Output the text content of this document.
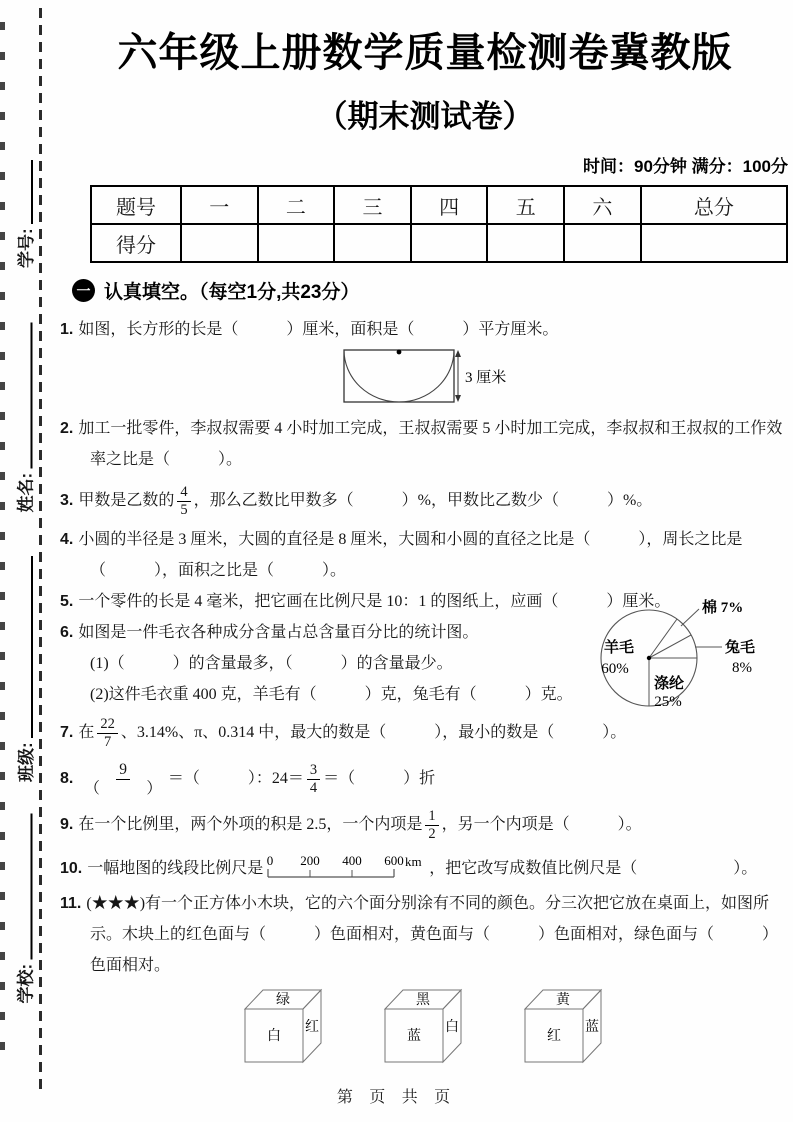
学号:
姓名:
班级:
学校:
六年级上册数学质量检测卷冀教版
（期末测试卷）
时间：90分钟 满分：100分
题号	一	二	三	四	五	六	总分
得分							
一 认真填空。（每空1分,共23分）
1. 如图，长方形的长是（　　　）厘米，面积是（　　　）平方厘米。
3 厘米
2. 加工一批零件，李叔叔需要 4 小时加工完成，王叔叔需要 5 小时加工完成，李叔叔和王叔叔的工作效率之比是（　　　）。
3. 甲数是乙数的 $\frac{4}{5}$ ，那么乙数比甲数多（　　　）%，甲数比乙数少（　　　）%。
4. 小圆的半径是 3 厘米，大圆的直径是 8 厘米，大圆和小圆的直径之比是（　　　），周长之比是（　　　），面积之比是（　　　）。
5. 一个零件的长是 4 毫米，把它画在比例尺是 10：1 的图纸上，应画（　　　）厘米。
6. 如图是一件毛衣各种成分含量占总含量百分比的统计图。
(1)（　　　）的含量最多，（　　　）的含量最少。
(2)这件毛衣重 400 克，羊毛有（　　　）克，兔毛有（　　　）克。
7. 在 $\frac{22}{7}$ 、3.14%、π、0.314 中，最大的数是（　　　），最小的数是（　　　）。
8. $\frac{9}{( )}$ ＝（　　　）：$24= \frac{3}{4}$ ＝（　　　）折
9. 在一个比例里，两个外项的积是 2.5，一个内项是 $\frac{1}{2}$ ，另一个内项是（　　　）。
10. 一幅地图的线段比例尺是 0 200 400 600 km ，把它改写成数值比例尺是（　　　　　　）。
11. (★★★)有一个正方体小木块，它的六个面分别涂有不同的颜色。分三次把它放在桌面上，如图所示。木块上的红色面与（　　　）色面相对，黄色面与（　　　）色面相对，绿色面与（　　　）色面相对。
绿
白
红
黑
蓝
白
黄
红
蓝
棉 7%
兔毛
8%
羊毛
60%
涤纶
25%
第 页 共 页
